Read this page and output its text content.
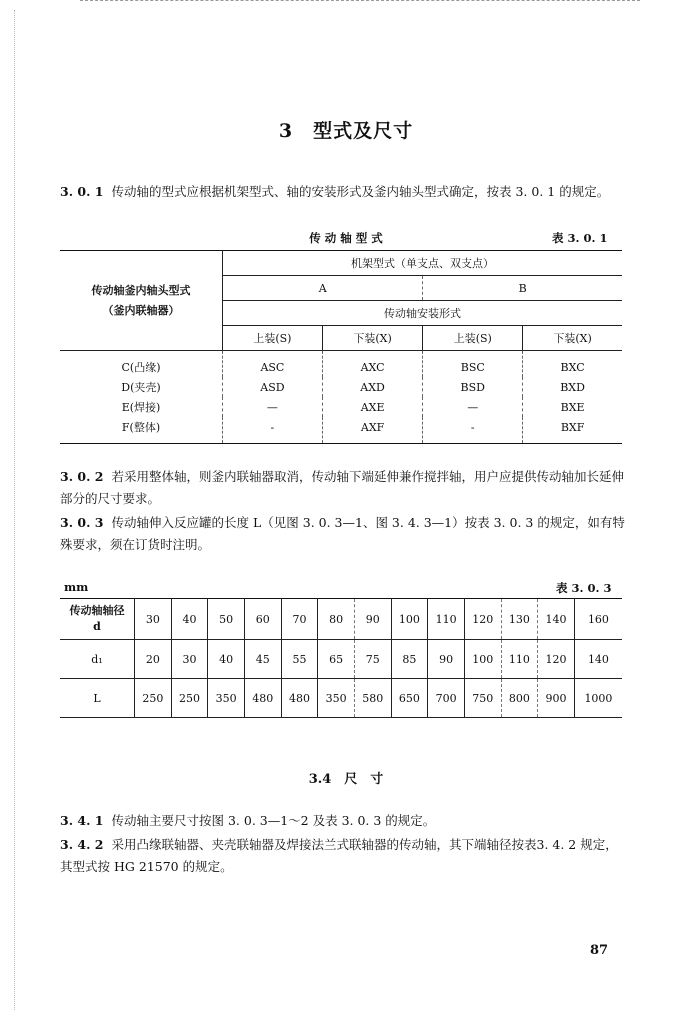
3　型式及尺寸
3. 0. 1 传动轴的型式应根据机架型式、轴的安装形式及釜内轴头型式确定，按表 3. 0. 1 的规定。
传 动 轴 型 式	表 3. 0. 1
传动轴釜内轴头型式
（釜内联轴器）	机架型式（单支点、双支点）			
	A		B	
	传动轴安装形式			
	上装(S)	下装(X)	上装(S)	下装(X)
C(凸缘)	ASC	AXC	BSC	BXC
D(夹壳)	ASD	AXD	BSD	BXD
E(焊接)	—	AXE	—	BXE
F(整体)	-	AXF	-	BXF
3. 0. 2 若采用整体轴，则釜内联轴器取消，传动轴下端延伸兼作搅拌轴，用户应提供传动轴加长延伸部分的尺寸要求。
3. 0. 3 传动轴伸入反应罐的长度 L（见图 3. 0. 3—1、图 3. 4. 3—1）按表 3. 0. 3 的规定，如有特殊要求，须在订货时注明。
mm	表 3. 0. 3
传动轴轴径
d	30	40	50	60	70	80	90	100	110	120	130	140	160
d₁	20	30	40	45	55	65	75	85	90	100	110	120	140
L	250	250	350	480	480	350	580	650	700	750	800	900	1000
3.4　尺　寸
3. 4. 1 传动轴主要尺寸按图 3. 0. 3—1～2 及表 3. 0. 3 的规定。
3. 4. 2 采用凸缘联轴器、夹壳联轴器及焊接法兰式联轴器的传动轴，其下端轴径按表3. 4. 2 规定，其型式按 HG 21570 的规定。
87
